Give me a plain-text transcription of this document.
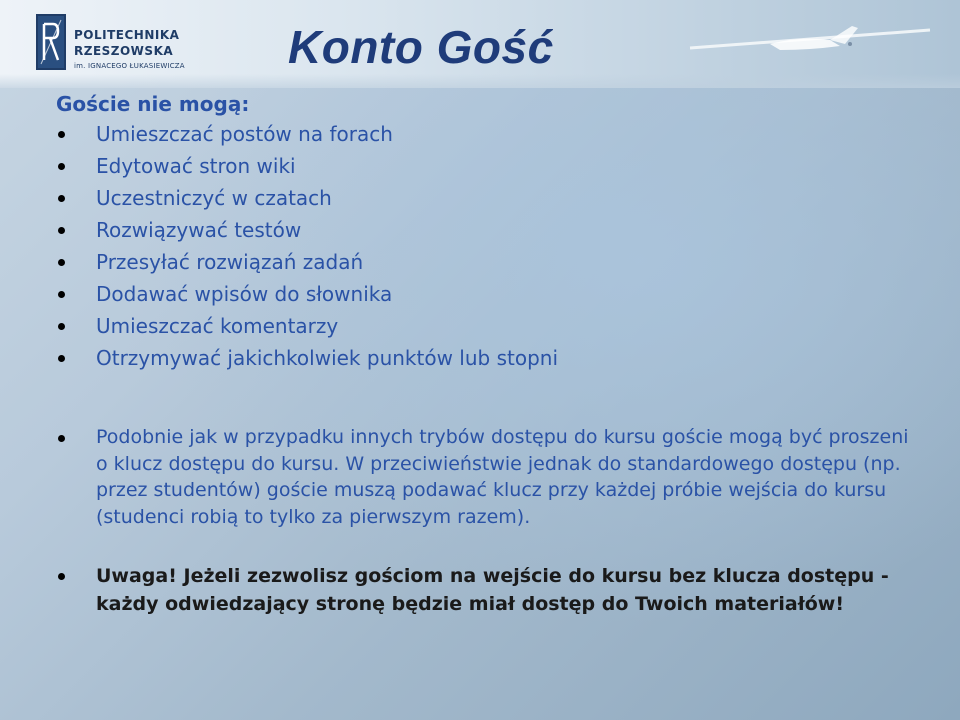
POLITECHNIKA
RZESZOWSKA
im. IGNACEGO ŁUKASIEWICZA Konto Gość
Goście nie mogą:
Umieszczać postów na forach
Edytować stron wiki
Uczestniczyć w czatach
Rozwiązywać testów
Przesyłać rozwiązań zadań
Dodawać wpisów do słownika
Umieszczać komentarzy
Otrzymywać jakichkolwiek punktów lub stopni
Podobnie jak w przypadku innych trybów dostępu do kursu goście mogą być proszeni o klucz dostępu do kursu. W przeciwieństwie jednak do standardowego dostępu (np. przez studentów) goście muszą podawać klucz przy każdej próbie wejścia do kursu (studenci robią to tylko za pierwszym razem).
Uwaga! Jeżeli zezwolisz gościom na wejście do kursu bez klucza dostępu - każdy odwiedzający stronę będzie miał dostęp do Twoich materiałów!
